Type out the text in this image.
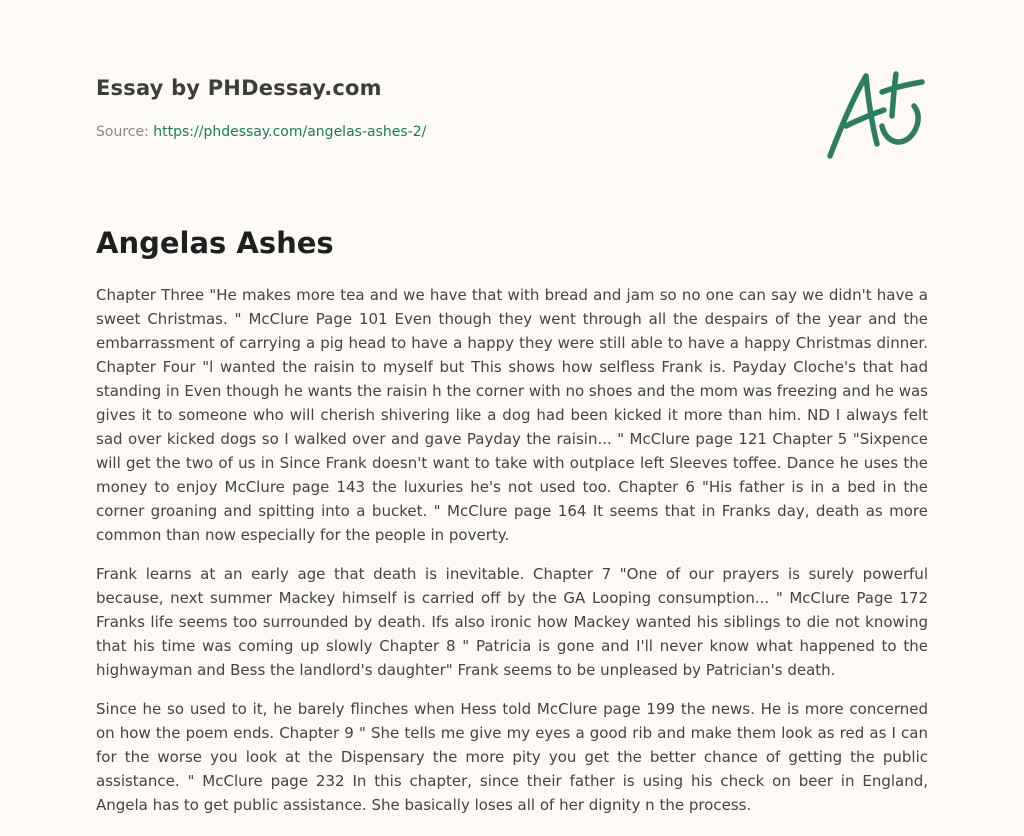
Essay by PHDessay.com
Source: https://phdessay.com/angelas-ashes-2/
Angelas Ashes

Chapter Three "He makes more tea and we have that with bread and jam so no one can say we didn't have a sweet Christmas. " McClure Page 101 Even though they went through all the despairs of the year and the embarrassment of carrying a pig head to have a happy they were still able to have a happy Christmas dinner. Chapter Four "l wanted the raisin to myself but This shows how selfless Frank is. Payday Cloche's that had standing in Even though he wants the raisin h the corner with no shoes and the mom was freezing and he was gives it to someone who will cherish shivering like a dog had been kicked it more than him. ND I always felt sad over kicked dogs so I walked over and gave Payday the raisin... " McClure page 121 Chapter 5 "Sixpence will get the two of us in Since Frank doesn't want to take with outplace left Sleeves toffee. Dance he uses the money to enjoy McClure page 143 the luxuries he's not used too. Chapter 6 "His father is in a bed in the corner groaning and spitting into a bucket. " McClure page 164 It seems that in Franks day, death as more common than now especially for the people in poverty.

Frank learns at an early age that death is inevitable. Chapter 7 "One of our prayers is surely powerful because, next summer Mackey himself is carried off by the GA Looping consumption... " McClure Page 172 Franks life seems too surrounded by death. Ifs also ironic how Mackey wanted his siblings to die not knowing that his time was coming up slowly Chapter 8 " Patricia is gone and I'll never know what happened to the highwayman and Bess the landlord's daughter" Frank seems to be unpleased by Patrician's death.

Since he so used to it, he barely flinches when Hess told McClure page 199 the news. He is more concerned on how the poem ends. Chapter 9 " She tells me give my eyes a good rib and make them look as red as I can for the worse you look at the Dispensary the more pity you get the better chance of getting the public assistance. " McClure page 232 In this chapter, since their father is using his check on beer in England, Angela has to get public assistance. She basically loses all of her dignity n the process.
